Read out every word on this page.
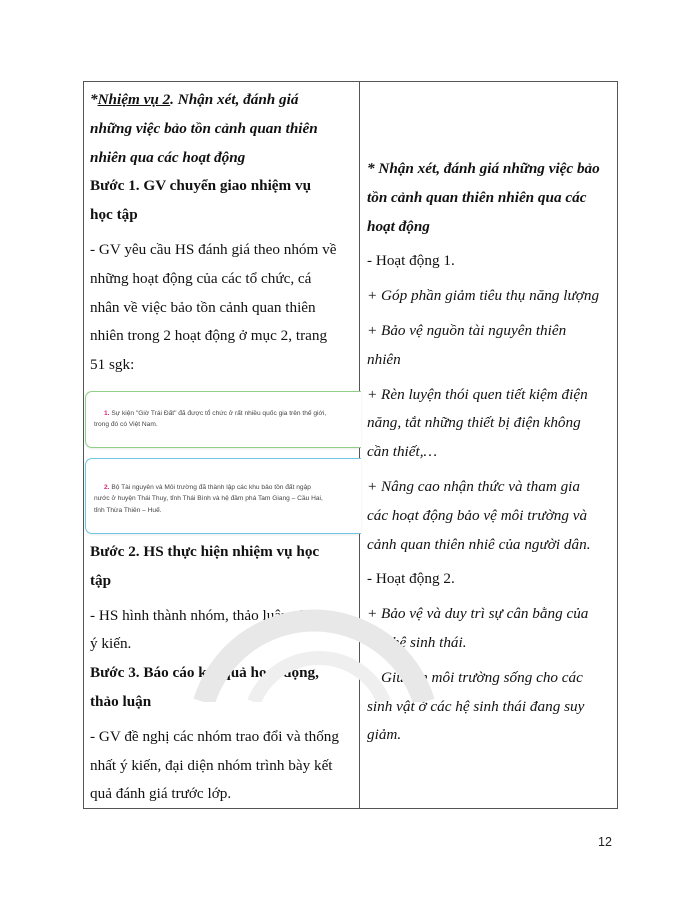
*Nhiệm vụ 2. Nhận xét, đánh giá

những việc bảo tồn cảnh quan thiên

nhiên qua các hoạt động

Bước 1. GV chuyển giao nhiệm vụ

học tập

- GV yêu cầu HS đánh giá theo nhóm về

những hoạt động của các tổ chức, cá

nhân về việc bảo tồn cảnh quan thiên

nhiên trong 2 hoạt động ở mục 2, trang

51 sgk:

1. Sự kiện "Giờ Trái Đất" đã được tổ chức ở rất nhiều quốc gia trên thế giới,
trong đó có Việt Nam.
2. Bộ Tài nguyên và Môi trường đã thành lập các khu bảo tồn đất ngập
nước ở huyện Thái Thuỵ, tỉnh Thái Bình và hệ đầm phá Tam Giang – Cầu Hai,
tỉnh Thừa Thiên – Huế.

Bước 2. HS thực hiện nhiệm vụ học

tập

- HS hình thành nhóm, thảo luận, đưa ra

ý kiến.

Bước 3. Báo cáo kết quả hoạt động,

thảo luận

- GV đề nghị các nhóm trao đổi và thống

nhất ý kiến, đại diện nhóm trình bày kết

quả đánh giá trước lớp.

* Nhận xét, đánh giá những việc bảo

tồn cảnh quan thiên nhiên qua các

hoạt động

- Hoạt động 1.

+ Góp phần giảm tiêu thụ năng lượng

+ Bảo vệ nguồn tài nguyên thiên

nhiên

+ Rèn luyện thói quen tiết kiệm điện

năng, tắt những thiết bị điện không

cần thiết,…

+ Nâng cao nhận thức và tham gia

các hoạt động bảo vệ môi trường và

cảnh quan thiên nhiê của người dân.

- Hoạt động 2.

+ Bảo vệ và duy trì sự cân bằng của

các hệ sinh thái.

+ Giữ gìn môi trường sống cho các

sinh vật ở các hệ sinh thái đang suy

giảm.

12
